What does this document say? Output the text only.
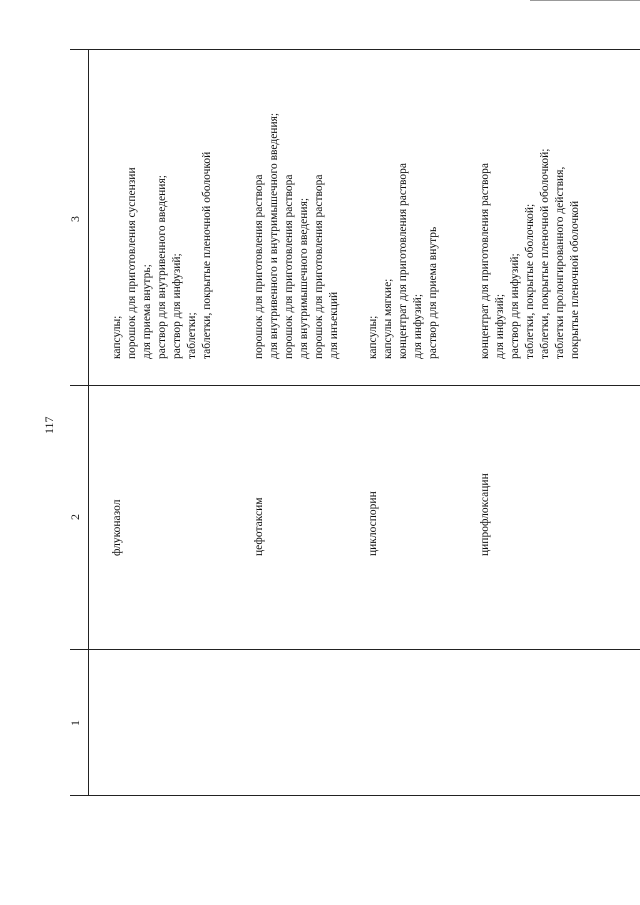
117
1
2
3
флуконазол
капсулы; порошок для приготовления суспензии для приема внутрь; раствор для внутривенного введения; раствор для инфузий; таблетки; таблетки, покрытые пленочной оболочкой
цефотаксим
порошок для приготовления раствора для внутривенного и внутримышечного введения; порошок для приготовления раствора для внутримышечного введения; порошок для приготовления раствора для инъекций
циклоспорин
капсулы; капсулы мягкие; концентрат для приготовления раствора для инфузий; раствор для приема внутрь
ципрофлоксацин
концентрат для приготовления раствора для инфузий; раствор для инфузий; таблетки, покрытые оболочкой; таблетки, покрытые пленочной оболочкой; таблетки пролонгированного действия, покрытые пленочной оболочкой
